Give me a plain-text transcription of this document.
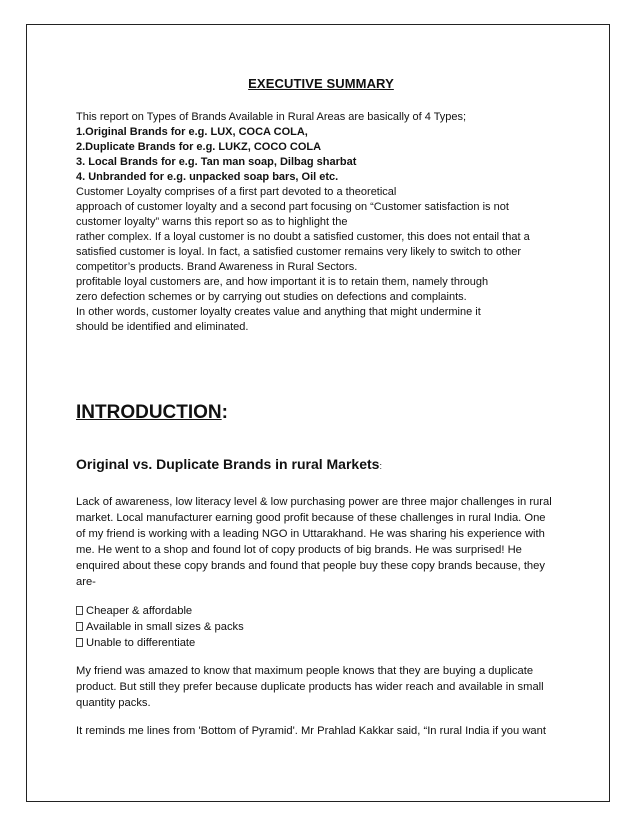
EXECUTIVE SUMMARY
This report on Types of Brands Available in Rural Areas are basically of 4 Types;
1.Original Brands for e.g. LUX, COCA COLA,
2.Duplicate Brands for e.g. LUKZ, COCO COLA
3. Local Brands for e.g. Tan man soap, Dilbag sharbat
4. Unbranded for e.g. unpacked soap bars, Oil etc.
Customer Loyalty comprises of a first part devoted to a theoretical
approach of customer loyalty and a second part focusing on “Customer satisfaction is not
customer loyalty” warns this report so as to highlight the
rather complex. If a loyal customer is no doubt a satisfied customer, this does not entail that a
satisfied customer is loyal. In fact, a satisfied customer remains very likely to switch to other
competitor’s products. Brand Awareness in Rural Sectors.
profitable loyal customers are, and how important it is to retain them, namely through
zero defection schemes or by carrying out studies on defections and complaints.
In other words, customer loyalty creates value and anything that might undermine it
should be identified and eliminated.
INTRODUCTION:
Original vs. Duplicate Brands in rural Markets:
Lack of awareness, low literacy level & low purchasing power are three major challenges in rural
market. Local manufacturer earning good profit because of these challenges in rural India. One
of my friend is working with a leading NGO in Uttarakhand. He was sharing his experience with
me. He went to a shop and found lot of copy products of big brands. He was surprised! He
enquired about these copy brands and found that people buy these copy brands because, they
are-
Cheaper & affordable
Available in small sizes & packs
Unable to differentiate
My friend was amazed to know that maximum people knows that they are buying a duplicate
product. But still they prefer because duplicate products has wider reach and available in small
quantity packs.
It reminds me lines from 'Bottom of Pyramid'. Mr Prahlad Kakkar said, “In rural India if you want
